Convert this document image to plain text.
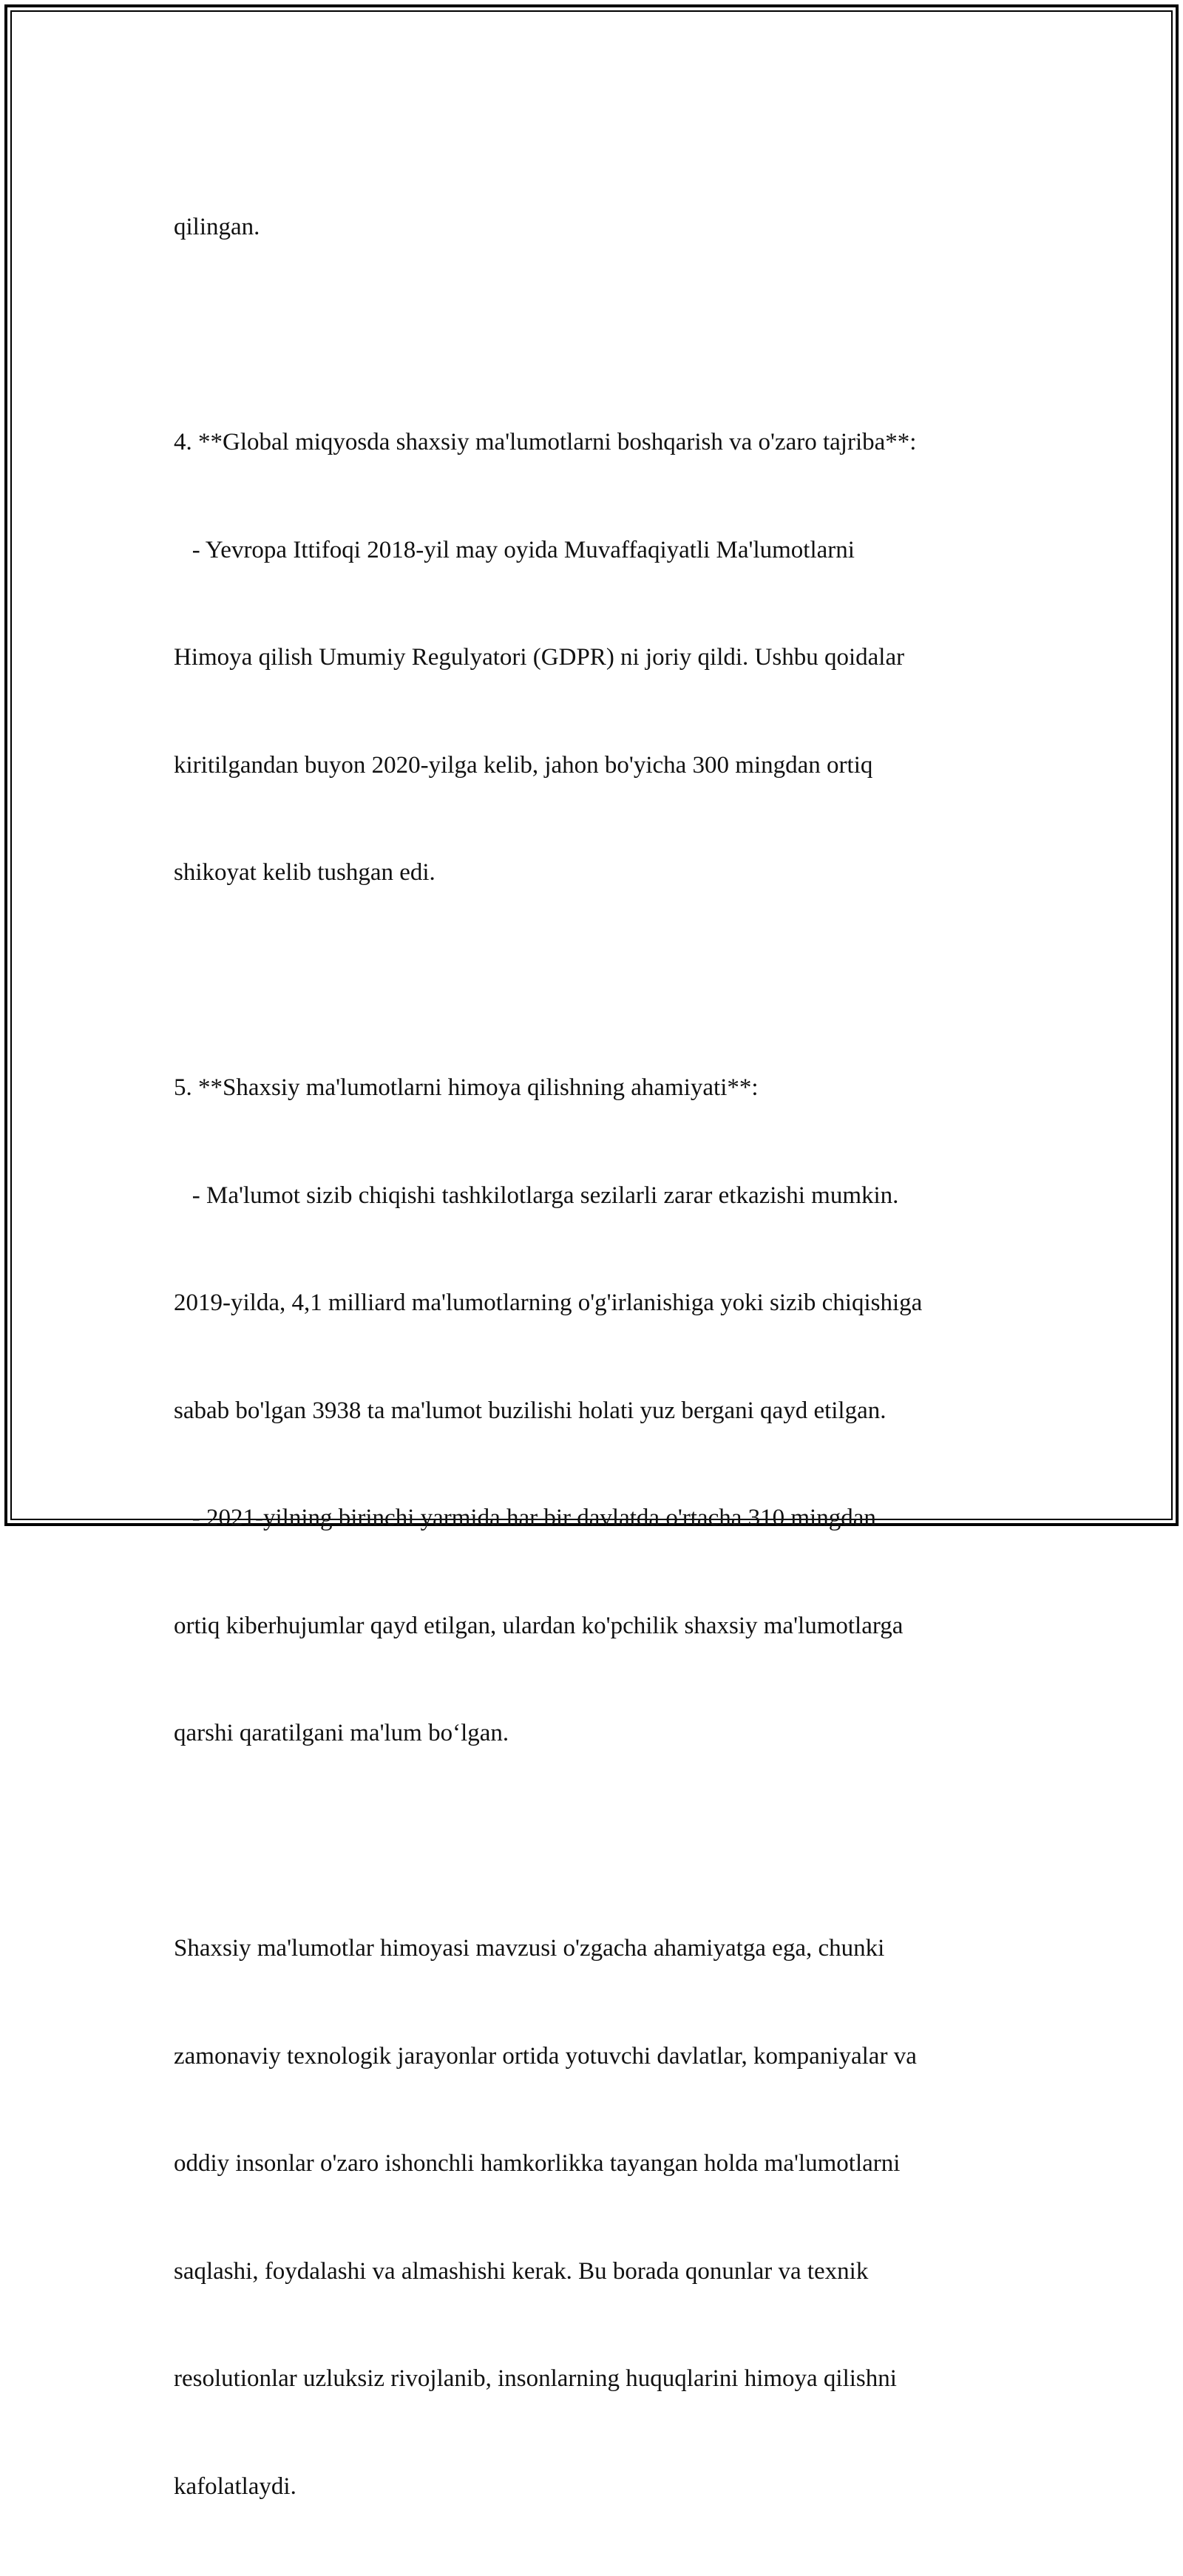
qilingan.

4. **Global miqyosda shaxsiy ma'lumotlarni boshqarish va o'zaro tajriba**:

- Yevropa Ittifoqi 2018-yil may oyida Muvaffaqiyatli Ma'lumotlarni

Himoya qilish Umumiy Regulyatori (GDPR) ni joriy qildi. Ushbu qoidalar

kiritilgandan buyon 2020-yilga kelib, jahon bo'yicha 300 mingdan ortiq

shikoyat kelib tushgan edi.

5. **Shaxsiy ma'lumotlarni himoya qilishning ahamiyati**:

- Ma'lumot sizib chiqishi tashkilotlarga sezilarli zarar etkazishi mumkin.

2019-yilda, 4,1 milliard ma'lumotlarning o'g'irlanishiga yoki sizib chiqishiga

sabab bo'lgan 3938 ta ma'lumot buzilishi holati yuz bergani qayd etilgan.

- 2021-yilning birinchi yarmida har bir davlatda o'rtacha 310 mingdan

ortiq kiberhujumlar qayd etilgan, ulardan ko'pchilik shaxsiy ma'lumotlarga

qarshi qaratilgani ma'lum bo‘lgan.

Shaxsiy ma'lumotlar himoyasi mavzusi o'zgacha ahamiyatga ega, chunki

zamonaviy texnologik jarayonlar ortida yotuvchi davlatlar, kompaniyalar va

oddiy insonlar o'zaro ishonchli hamkorlikka tayangan holda ma'lumotlarni

saqlashi, foydalashi va almashishi kerak. Bu borada qonunlar va texnik

resolutionlar uzluksiz rivojlanib, insonlarning huquqlarini himoya qilishni

kafolatlaydi.
